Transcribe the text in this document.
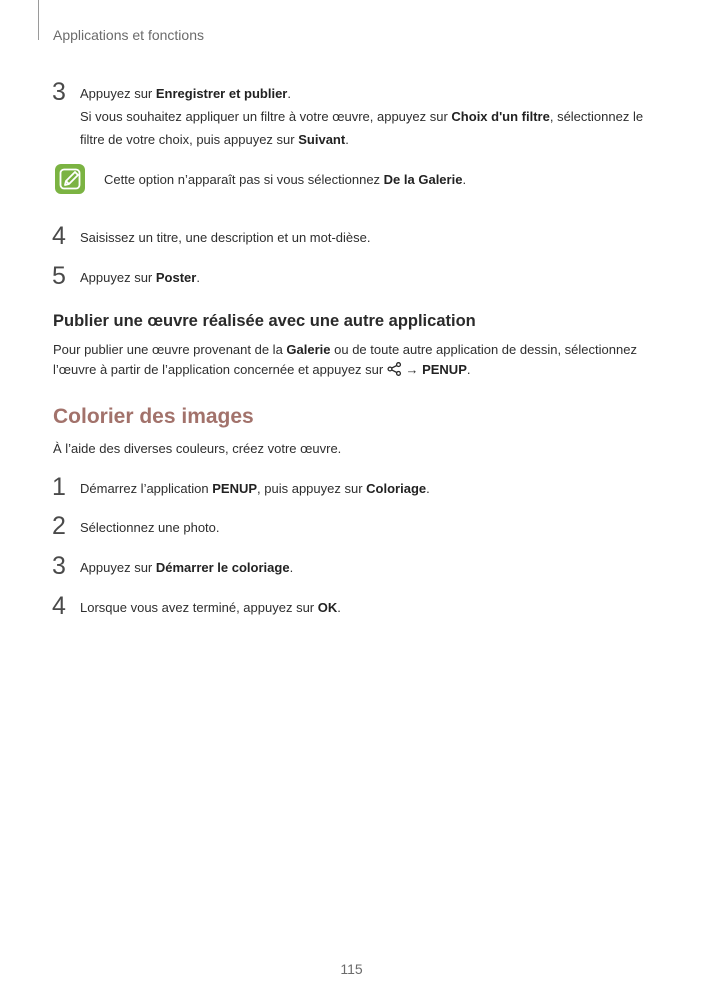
Applications et fonctions
3	Appuyez sur Enregistrer et publier.

Si vous souhaitez appliquer un filtre à votre œuvre, appuyez sur Choix d'un filtre, sélectionnez le filtre de votre choix, puis appuyez sur Suivant.

Cette option n’apparaît pas si vous sélectionnez De la Galerie.
4	Saisissez un titre, une description et un mot-dièse.
5	Appuyez sur Poster.
Publier une œuvre réalisée avec une autre application

Pour publier une œuvre provenant de la Galerie ou de toute autre application de dessin, sélectionnez l’œuvre à partir de l’application concernée et appuyez sur  → PENUP.

Colorier des images
À l’aide des diverses couleurs, créez votre œuvre.
1	Démarrez l’application PENUP, puis appuyez sur Coloriage.
2	Sélectionnez une photo.
3	Appuyez sur Démarrer le coloriage.
4	Lorsque vous avez terminé, appuyez sur OK.
115
